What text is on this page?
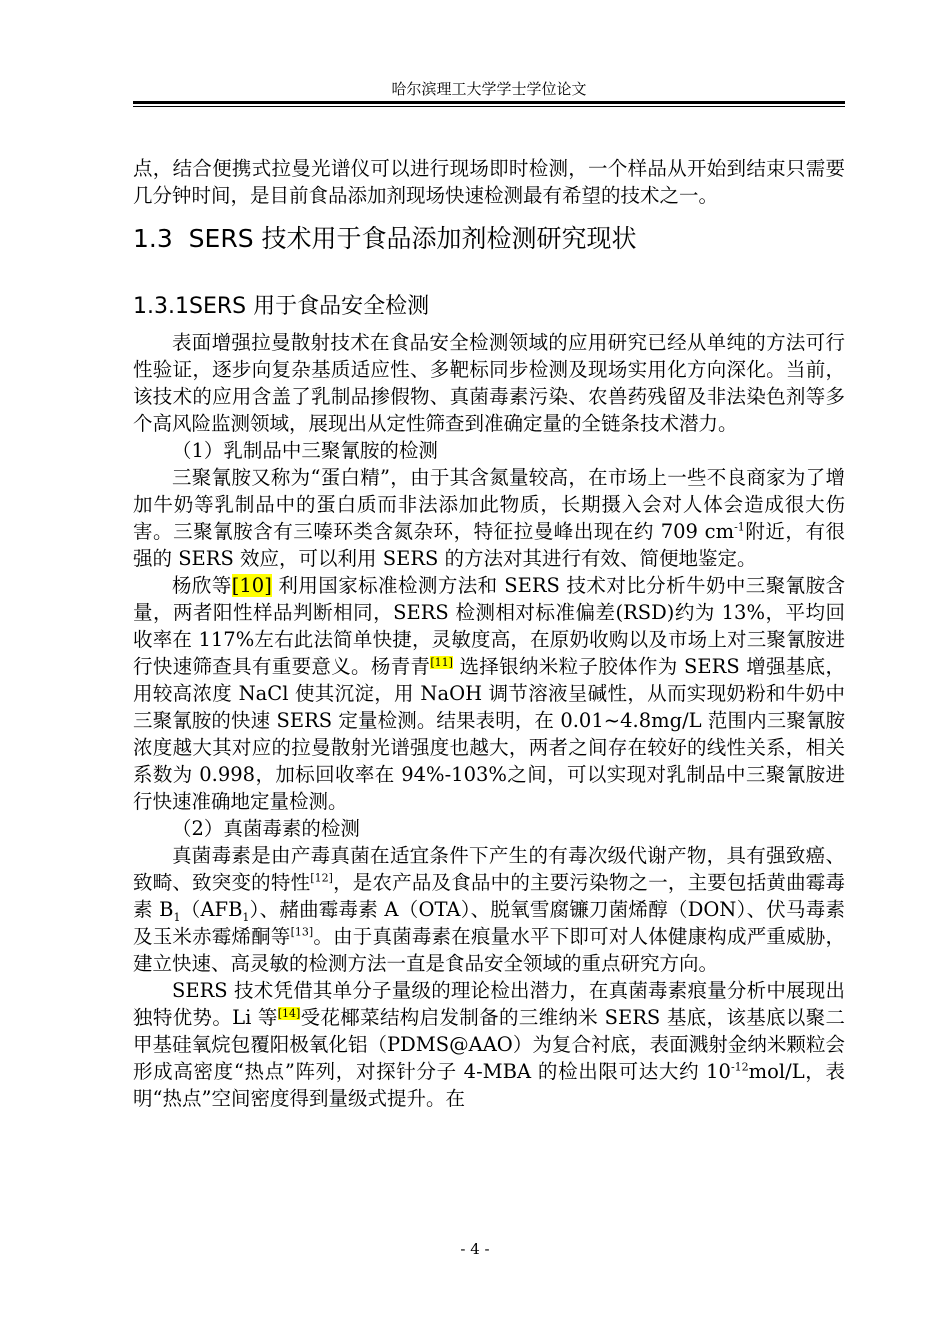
哈尔滨理工大学学士学位论文

点，结合便携式拉曼光谱仪可以进行现场即时检测，一个样品从开始到结束只需要几分钟时间，是目前食品添加剂现场快速检测最有希望的技术之一。

1.3 SERS 技术用于食品添加剂检测研究现状
1.3.1SERS 用于食品安全检测

表面增强拉曼散射技术在食品安全检测领域的应用研究已经从单纯的方法可行性验证，逐步向复杂基质适应性、多靶标同步检测及现场实用化方向深化。当前，该技术的应用含盖了乳制品掺假物、真菌毒素污染、农兽药残留及非法染色剂等多个高风险监测领域，展现出从定性筛查到准确定量的全链条技术潜力。

（1）乳制品中三聚氰胺的检测

三聚氰胺又称为“蛋白精”，由于其含氮量较高，在市场上一些不良商家为了增加牛奶等乳制品中的蛋白质而非法添加此物质，长期摄入会对人体会造成很大伤害。三聚氰胺含有三嗪环类含氮杂环，特征拉曼峰出现在约 709 $cm^{-1}$附近，有很强的 SERS 效应，可以利用 SERS 的方法对其进行有效、简便地鉴定。

杨欣等[10] 利用国家标准检测方法和 SERS 技术对比分析牛奶中三聚氰胺含量，两者阳性样品判断相同，SERS 检测相对标准偏差(RSD)约为 13%，平均回收率在 117%左右此法简单快捷，灵敏度高，在原奶收购以及市场上对三聚氰胺进行快速筛查具有重要意义。杨青青[11] 选择银纳米粒子胶体作为 SERS 增强基底，用较高浓度 NaCl 使其沉淀，用 NaOH 调节溶液呈碱性，从而实现奶粉和牛奶中三聚氰胺的快速 SERS 定量检测。结果表明，在 0.01~4.8mg/L 范围内三聚氰胺浓度越大其对应的拉曼散射光谱强度也越大，两者之间存在较好的线性关系，相关系数为 0.998，加标回收率在 94%-103%之间，可以实现对乳制品中三聚氰胺进行快速准确地定量检测。

（2）真菌毒素的检测

真菌毒素是由产毒真菌在适宜条件下产生的有毒次级代谢产物，具有强致癌、致畸、致突变的特性[12]，是农产品及食品中的主要污染物之一，主要包括黄曲霉毒素 $B_1(AFB_1)$、赭曲霉毒素 A（OTA）、脱氧雪腐镰刀菌烯醇（DON）、伏马毒素及玉米赤霉烯酮等[13]。由于真菌毒素在痕量水平下即可对人体健康构成严重威胁，建立快速、高灵敏的检测方法一直是食品安全领域的重点研究方向。

SERS 技术凭借其单分子量级的理论检出潜力，在真菌毒素痕量分析中展现出独特优势。Li 等[14]受花椰菜结构启发制备的三维纳米 SERS 基底，该基底以聚二甲基硅氧烷包覆阳极氧化铝（PDMS@AAO）为复合衬底，表面溅射金纳米颗粒会形成高密度“热点”阵列，对探针分子 4-MBA 的检出限可达大约 $10^{-12}mol/L$，表明“热点”空间密度得到量级式提升。在

- 4 -
